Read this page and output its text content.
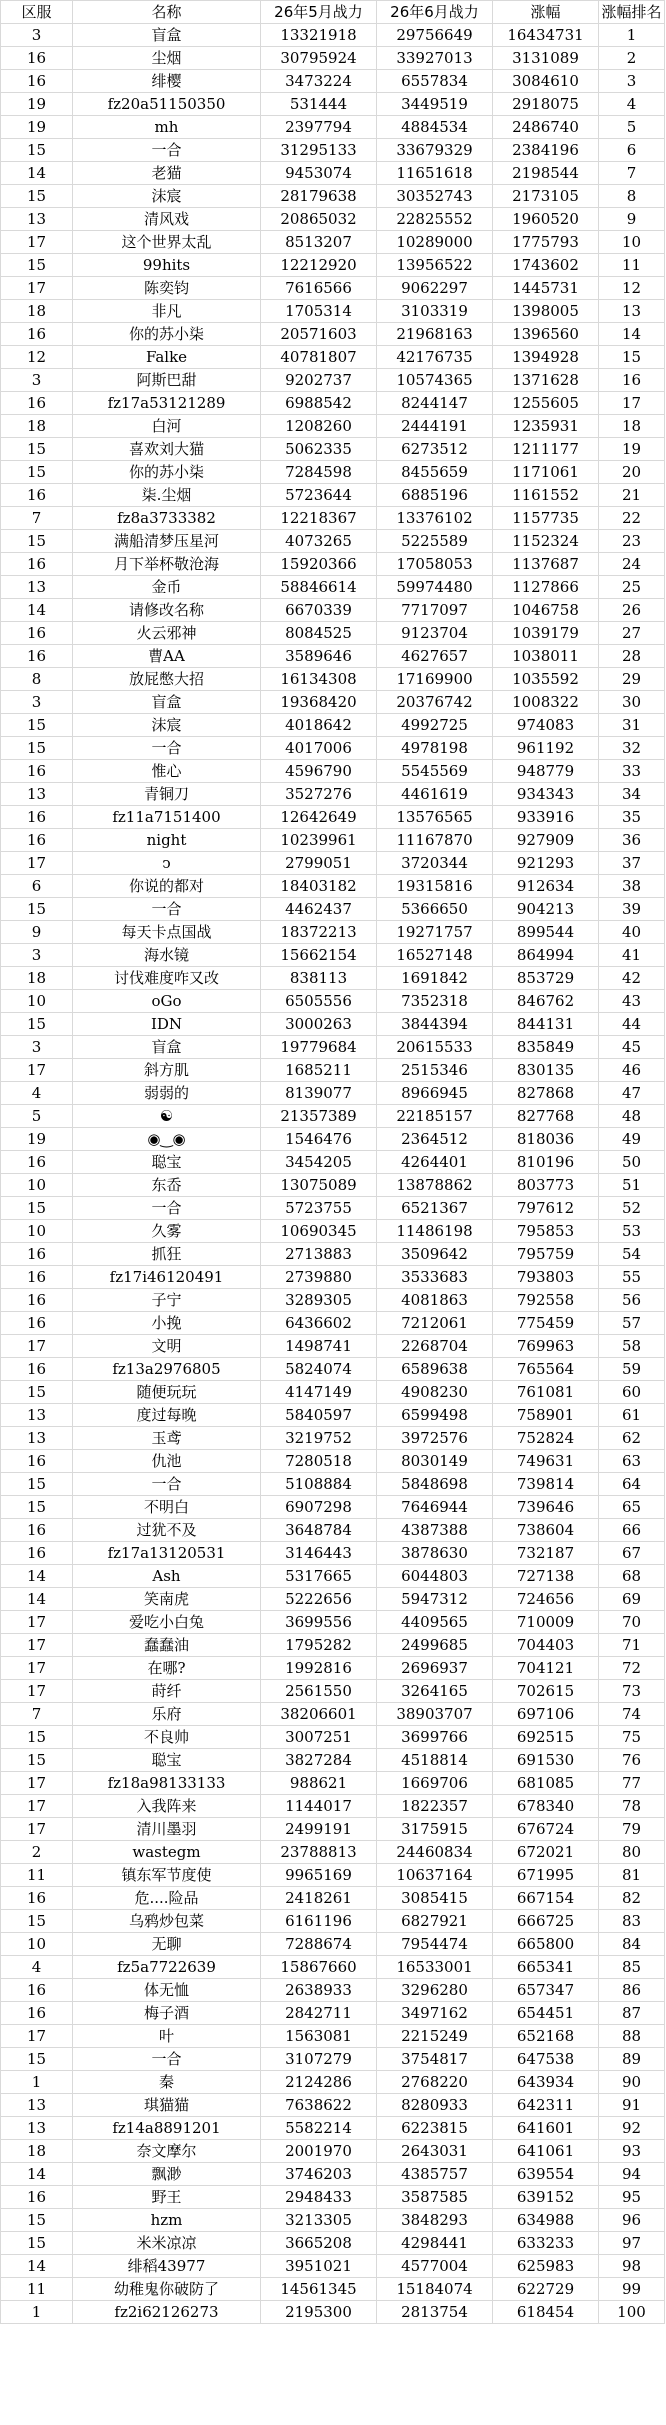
区服	名称	26年5月战力	26年6月战力	涨幅	涨幅排名
3	盲盒	13321918	29756649	16434731	1
16	尘烟	30795924	33927013	3131089	2
16	绯樱	3473224	6557834	3084610	3
19	fz20a51150350	531444	3449519	2918075	4
19	mh	2397794	4884534	2486740	5
15	一合	31295133	33679329	2384196	6
14	老猫	9453074	11651618	2198544	7
15	沫宸	28179638	30352743	2173105	8
13	清风戏	20865032	22825552	1960520	9
17	这个世界太乱	8513207	10289000	1775793	10
15	99hits	12212920	13956522	1743602	11
17	陈奕钧	7616566	9062297	1445731	12
18	非凡	1705314	3103319	1398005	13
16	你的苏小柒	20571603	21968163	1396560	14
12	Falke	40781807	42176735	1394928	15
3	阿斯巴甜	9202737	10574365	1371628	16
16	fz17a53121289	6988542	8244147	1255605	17
18	白河	1208260	2444191	1235931	18
15	喜欢刘大猫	5062335	6273512	1211177	19
15	你的苏小柒	7284598	8455659	1171061	20
16	柒.尘烟	5723644	6885196	1161552	21
7	fz8a3733382	12218367	13376102	1157735	22
15	满船清梦压星河	4073265	5225589	1152324	23
16	月下举杯敬沧海	15920366	17058053	1137687	24
13	金币	58846614	59974480	1127866	25
14	请修改名称	6670339	7717097	1046758	26
16	火云邪神	8084525	9123704	1039179	27
16	曹AA	3589646	4627657	1038011	28
8	放屁憋大招	16134308	17169900	1035592	29
3	盲盒	19368420	20376742	1008322	30
15	沫宸	4018642	4992725	974083	31
15	一合	4017006	4978198	961192	32
16	惟心	4596790	5545569	948779	33
13	青铜刀	3527276	4461619	934343	34
16	fz11a7151400	12642649	13576565	933916	35
16	night	10239961	11167870	927909	36
17	ↄ	2799051	3720344	921293	37
6	你说的都对	18403182	19315816	912634	38
15	一合	4462437	5366650	904213	39
9	每天卡点国战	18372213	19271757	899544	40
3	海水镜	15662154	16527148	864994	41
18	讨伐难度咋又改	838113	1691842	853729	42
10	oGo	6505556	7352318	846762	43
15	IDN	3000263	3844394	844131	44
3	盲盒	19779684	20615533	835849	45
17	斜方肌	1685211	2515346	830135	46
4	弱弱的	8139077	8966945	827868	47
5	☯	21357389	22185157	827768	48
19	◉‿◉	1546476	2364512	818036	49
16	聪宝	3454205	4264401	810196	50
10	东岙	13075089	13878862	803773	51
15	一合	5723755	6521367	797612	52
10	久雾	10690345	11486198	795853	53
16	抓狂	2713883	3509642	795759	54
16	fz17i46120491	2739880	3533683	793803	55
16	子宁	3289305	4081863	792558	56
16	小挽	6436602	7212061	775459	57
17	文明	1498741	2268704	769963	58
16	fz13a2976805	5824074	6589638	765564	59
15	随便玩玩	4147149	4908230	761081	60
13	度过每晚	5840597	6599498	758901	61
13	玉鸢	3219752	3972576	752824	62
16	仇池	7280518	8030149	749631	63
15	一合	5108884	5848698	739814	64
15	不明白	6907298	7646944	739646	65
16	过犹不及	3648784	4387388	738604	66
16	fz17a13120531	3146443	3878630	732187	67
14	Ash	5317665	6044803	727138	68
14	笑南虎	5222656	5947312	724656	69
17	爱吃小白兔	3699556	4409565	710009	70
17	蠢蠢油	1795282	2499685	704403	71
17	在哪?	1992816	2696937	704121	72
17	莳纤	2561550	3264165	702615	73
7	乐府	38206601	38903707	697106	74
15	不良帅	3007251	3699766	692515	75
15	聪宝	3827284	4518814	691530	76
17	fz18a98133133	988621	1669706	681085	77
17	入我阵来	1144017	1822357	678340	78
17	清川墨羽	2499191	3175915	676724	79
2	wastegm	23788813	24460834	672021	80
11	镇东军节度使	9965169	10637164	671995	81
16	危....险品	2418261	3085415	667154	82
15	乌鸦炒包菜	6161196	6827921	666725	83
10	无聊	7288674	7954474	665800	84
4	fz5a7722639	15867660	16533001	665341	85
16	体无恤	2638933	3296280	657347	86
16	梅子酒	2842711	3497162	654451	87
17	叶	1563081	2215249	652168	88
15	一合	3107279	3754817	647538	89
1	秦	2124286	2768220	643934	90
13	琪猫猫	7638622	8280933	642311	91
13	fz14a8891201	5582214	6223815	641601	92
18	奈文摩尔	2001970	2643031	641061	93
14	飘渺	3746203	4385757	639554	94
16	野王	2948433	3587585	639152	95
15	hzm	3213305	3848293	634988	96
15	米米凉凉	3665208	4298441	633233	97
14	绯稻43977	3951021	4577004	625983	98
11	幼稚鬼你破防了	14561345	15184074	622729	99
1	fz2i62126273	2195300	2813754	618454	100
